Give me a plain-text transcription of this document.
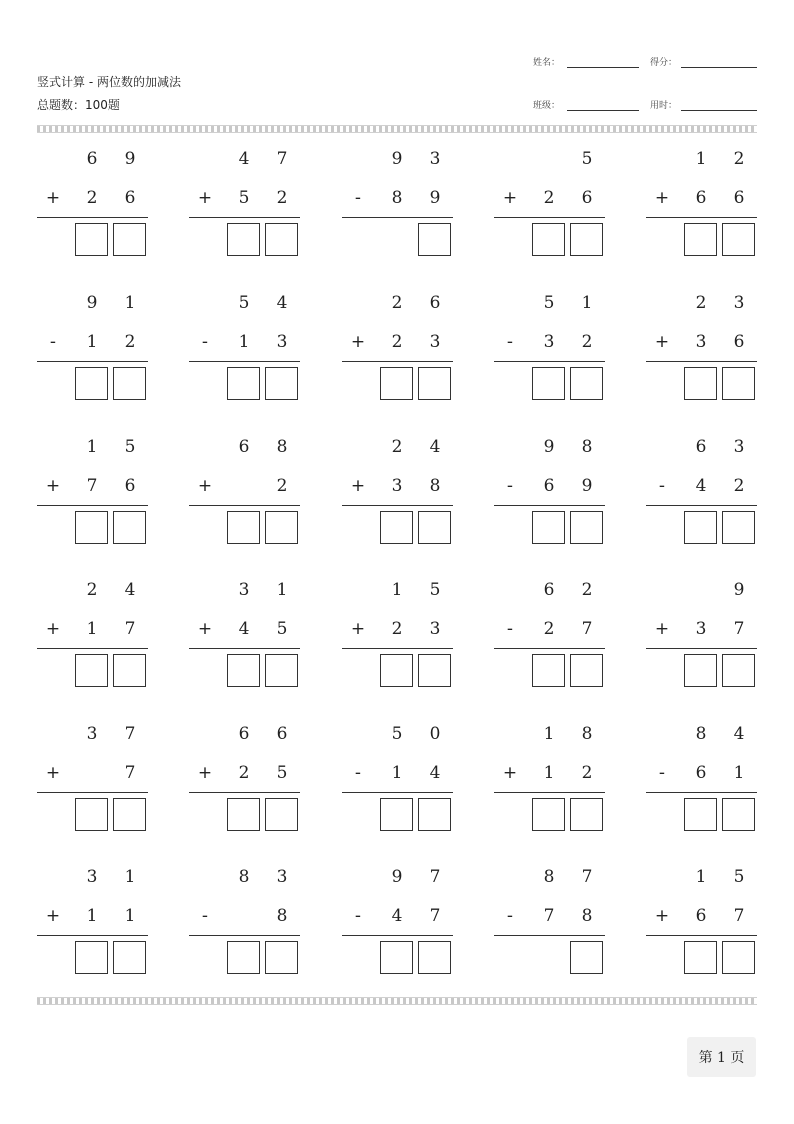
竖式计算 - 两位数的加减法
总题数：100题
姓名：	得分：
班级：	用时：
6 9
+ 2 6
4 7
+ 5 2
9 3
-	8 9
5
+ 2 6
1 2
+ 6 6
9 1
-	1 2
5 4
-	1 3
2 6
+ 2 3
5 1
-	3 2
2 3
+ 3 6
1 5
+ 7 6
6 8
+	2
2 4
+ 3 8
9 8
-	6 9
6 3
-	4 2
2 4
+ 1 7
3 1
+ 4 5
1 5
+ 2 3
6 2
-	2 7
9
+ 3 7
3 7
+	7
6 6
+ 2 5
5 0
-	1 4
1 8
+ 1 2
8 4
-	6 1
3 1
+ 1 1
8 3
-	8
9 7
-	4 7
8 7
-	7 8
1 5
+ 6 7
第 1 页
